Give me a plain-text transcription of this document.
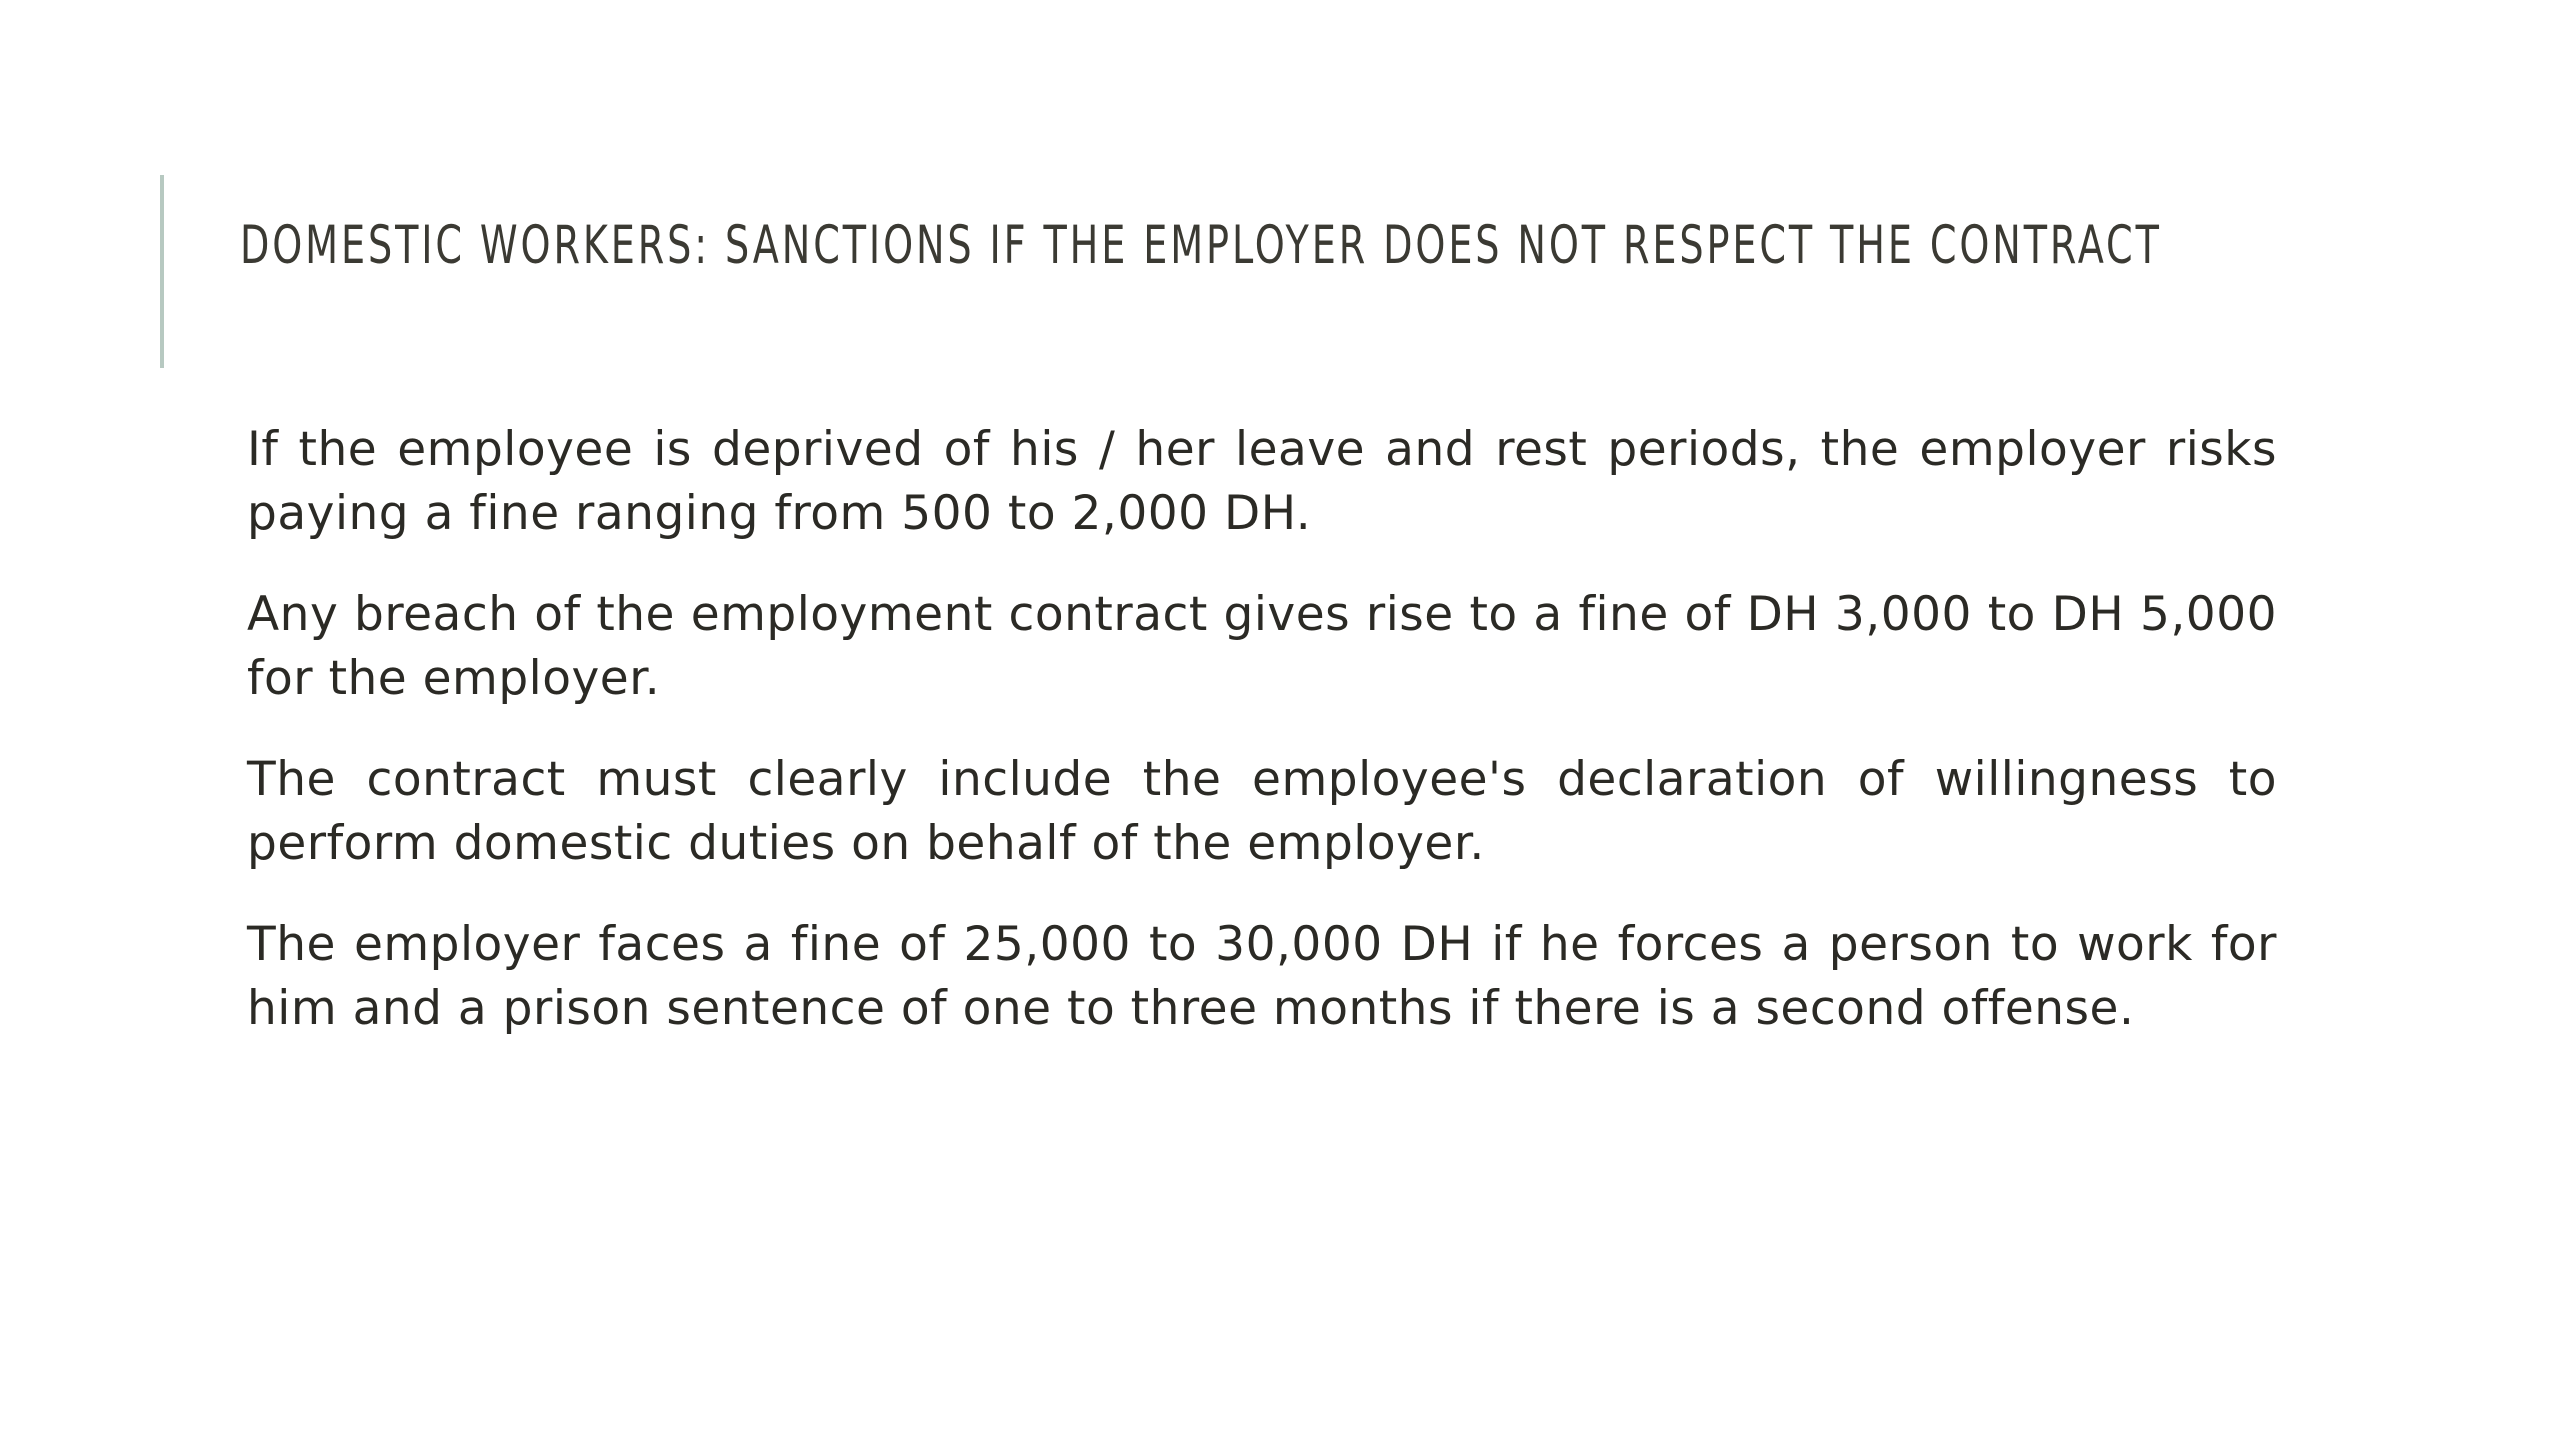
DOMESTIC WORKERS: SANCTIONS IF THE EMPLOYER DOES NOT RESPECT THE CONTRACT

If the employee is deprived of his / her leave and rest periods, the employer risks paying a fine ranging from 500 to 2,000 DH.

Any breach of the employment contract gives rise to a fine of DH 3,000 to DH 5,000 for the employer.

The contract must clearly include the employee's declaration of willingness to perform domestic duties on behalf of the employer.

The employer faces a fine of 25,000 to 30,000 DH if he forces a person to work for him and a prison sentence of one to three months if there is a second offense.
